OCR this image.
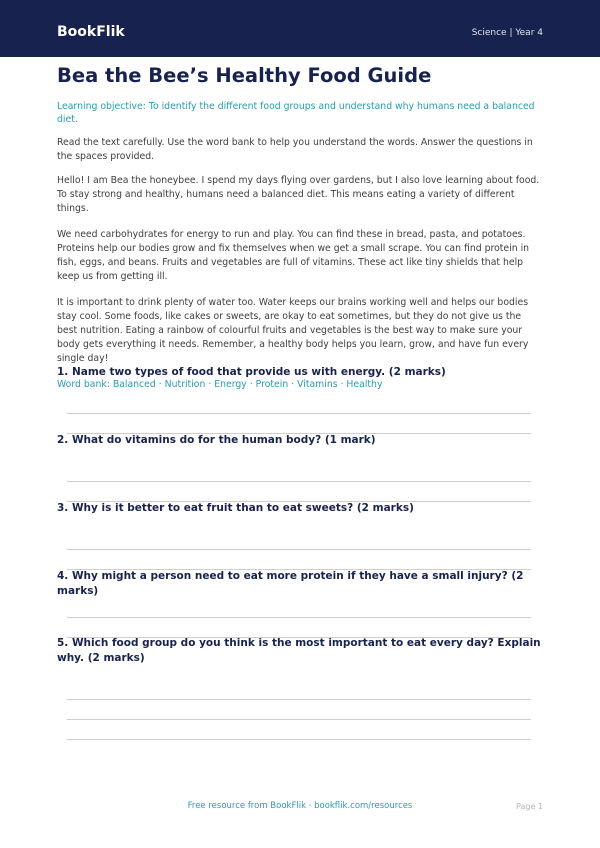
BookFlik	Science | Year 4
Bea the Bee’s Healthy Food Guide

Learning objective: To identify the different food groups and understand why humans need a balanced diet.

Read the text carefully. Use the word bank to help you understand the words. Answer the questions in the spaces provided.

Hello! I am Bea the honeybee. I spend my days flying over gardens, but I also love learning about food. To stay strong and healthy, humans need a balanced diet. This means eating a variety of different things.

We need carbohydrates for energy to run and play. You can find these in bread, pasta, and potatoes. Proteins help our bodies grow and fix themselves when we get a small scrape. You can find protein in fish, eggs, and beans. Fruits and vegetables are full of vitamins. These act like tiny shields that help keep us from getting ill.

It is important to drink plenty of water too. Water keeps our brains working well and helps our bodies stay cool. Some foods, like cakes or sweets, are okay to eat sometimes, but they do not give us the best nutrition. Eating a rainbow of colourful fruits and vegetables is the best way to make sure your body gets everything it needs. Remember, a healthy body helps you learn, grow, and have fun every single day!

Word bank: Balanced · Nutrition · Energy · Protein · Vitamins · Healthy

1. Name two types of food that provide us with energy. (2 marks)
2. What do vitamins do for the human body? (1 mark)
3. Why is it better to eat fruit than to eat sweets? (2 marks)
4. Why might a person need to eat more protein if they have a small injury? (2 marks)
5. Which food group do you think is the most important to eat every day? Explain why. (2 marks)
Free resource from BookFlik · bookflik.com/resources	Page 1
